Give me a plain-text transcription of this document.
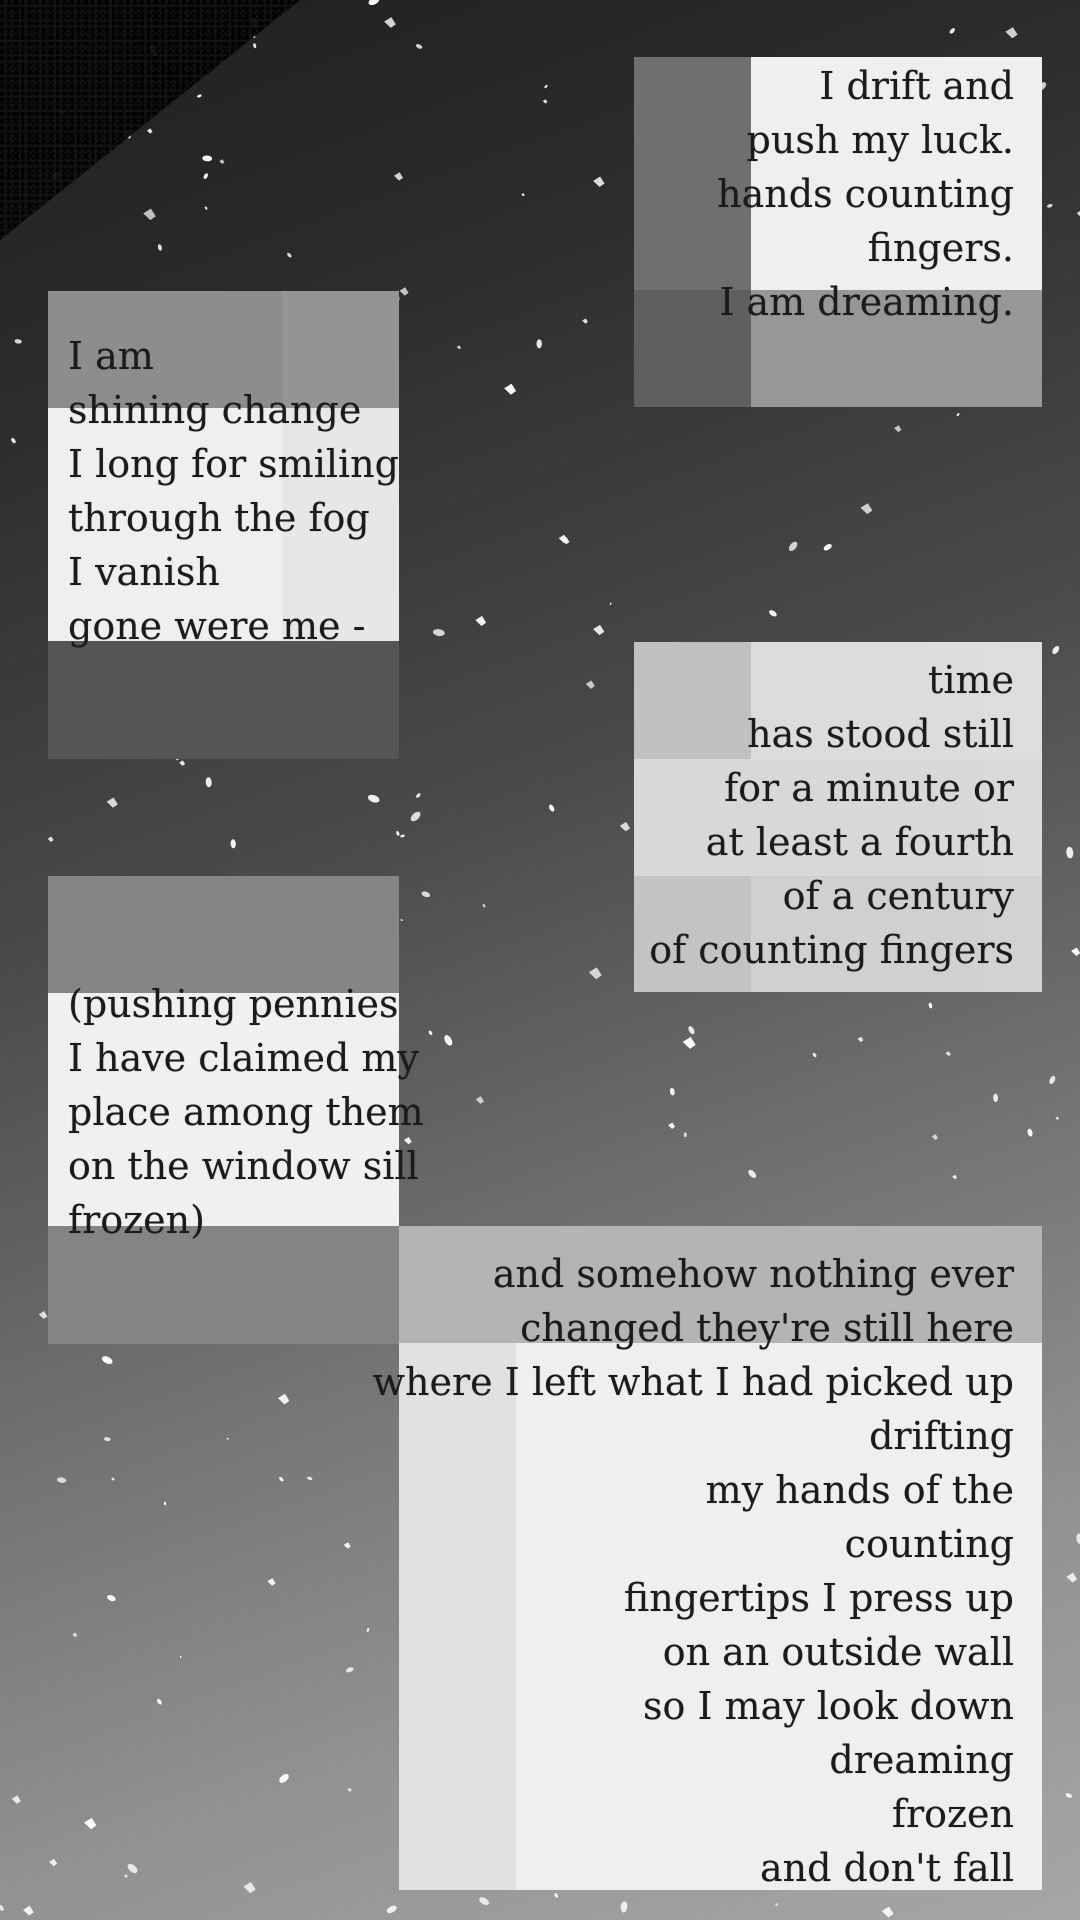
I drift and
push my luck.
hands counting
fingers.
I am dreaming.
I am
shining change
I long for smiling
through the fog
I vanish
gone were me -
time
has stood still
for a minute or
at least a fourth
of a century
of counting fingers
(pushing pennies
I have claimed my
place among them
on the window sill
frozen)
and somehow nothing ever
changed they're still here
where I left what I had picked up
drifting
my hands of the
counting
fingertips I press up
on an outside wall
so I may look down
dreaming
frozen
and don't fall
